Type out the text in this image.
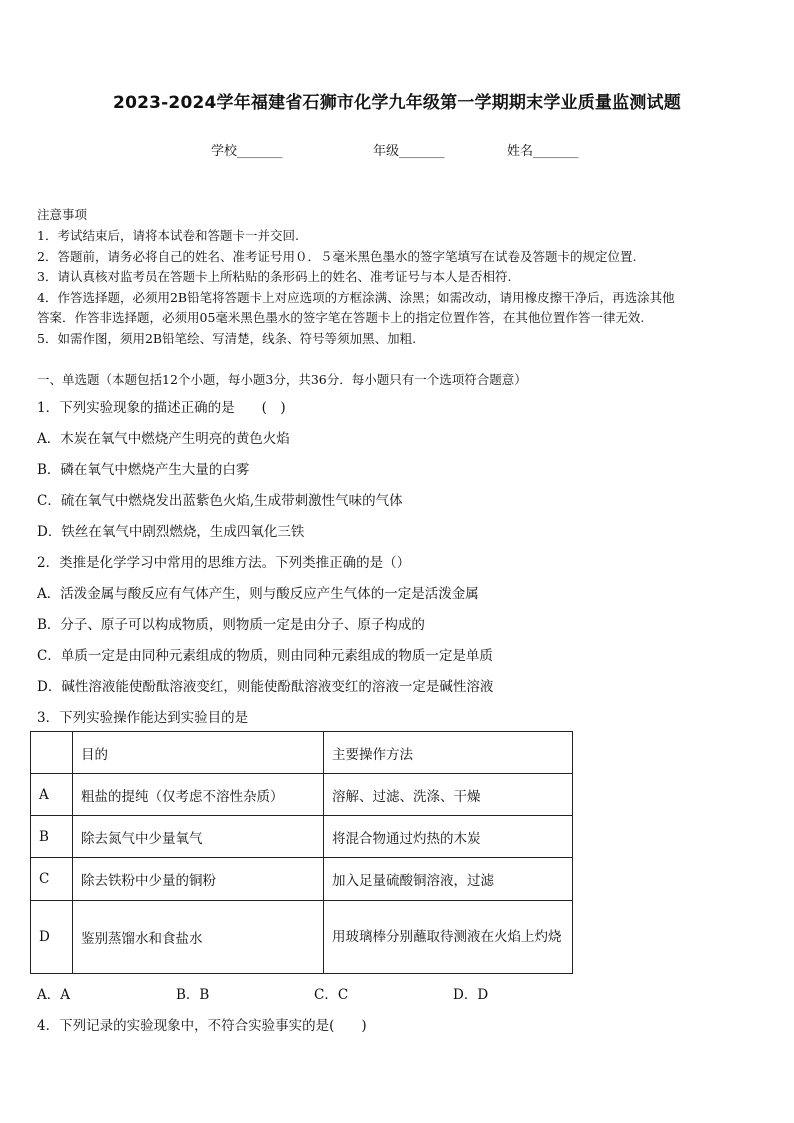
2023-2024学年福建省石狮市化学九年级第一学期期末学业质量监测试题
学校_______	年级_______	姓名_______
注意事项
1．考试结束后，请将本试卷和答题卡一并交回.
2．答题前，请务必将自己的姓名、准考证号用０．５毫米黑色墨水的签字笔填写在试卷及答题卡的规定位置.
3．请认真核对监考员在答题卡上所粘贴的条形码上的姓名、准考证号与本人是否相符.
4．作答选择题，必须用2B铅笔将答题卡上对应选项的方框涂满、涂黑；如需改动，请用橡皮擦干净后，再选涂其他
答案．作答非选择题，必须用05毫米黑色墨水的签字笔在答题卡上的指定位置作答，在其他位置作答一律无效.
5．如需作图，须用2B铅笔绘、写清楚，线条、符号等须加黑、加粗.
一、单选题（本题包括12个小题，每小题3分，共36分．每小题只有一个选项符合题意）
1．下列实验现象的描述正确的是　　(　)
A．木炭在氧气中燃烧产生明亮的黄色火焰
B．磷在氧气中燃烧产生大量的白雾
C．硫在氧气中燃烧发出蓝紫色火焰,生成带刺激性气味的气体
D．铁丝在氧气中剧烈燃烧，生成四氧化三铁
2．类推是化学学习中常用的思维方法。下列类推正确的是（）
A．活泼金属与酸反应有气体产生，则与酸反应产生气体的一定是活泼金属
B．分子、原子可以构成物质，则物质一定是由分子、原子构成的
C．单质一定是由同种元素组成的物质，则由同种元素组成的物质一定是单质
D．碱性溶液能使酚酞溶液变红，则能使酚酞溶液变红的溶液一定是碱性溶液
3．下列实验操作能达到实验目的是
	目的	主要操作方法
A	粗盐的提纯（仅考虑不溶性杂质）	溶解、过滤、洗涤、干燥
B	除去氮气中少量氧气	将混合物通过灼热的木炭
C	除去铁粉中少量的铜粉	加入足量硫酸铜溶液，过滤
D	鉴别蒸馏水和食盐水	用玻璃棒分别蘸取待测液在火焰上灼烧
A．A	B．B	C．C	D．D
4．下列记录的实验现象中，不符合实验事实的是(　　)
